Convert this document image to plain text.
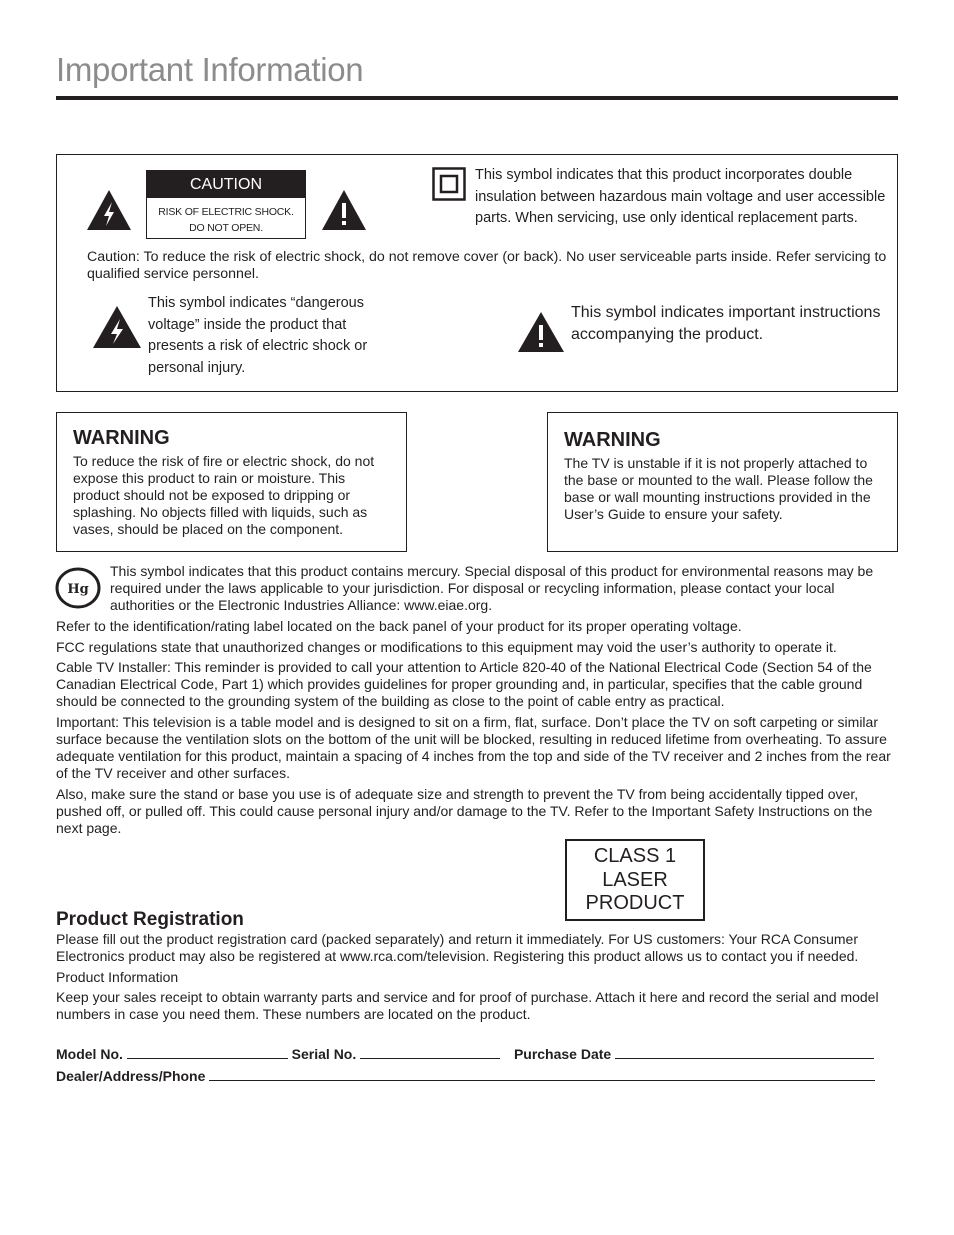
Important Information
CAUTION
RISK OF ELECTRIC SHOCK.
DO NOT OPEN.
This symbol indicates that this product incorporates double insulation between hazardous main voltage and user accessible parts. When servicing, use only identical replacement parts.
Caution: To reduce the risk of electric shock, do not remove cover (or back). No user serviceable parts inside. Refer servicing to qualified service personnel.
This symbol indicates “dangerous voltage” inside the product that presents a risk of electric shock or personal injury.
This symbol indicates important instructions accompanying the product.
WARNING
To reduce the risk of fire or electric shock, do not expose this product to rain or moisture. This product should not be exposed to dripping or splashing. No objects filled with liquids, such as vases, should be placed on the component.
WARNING
The TV is unstable if it is not properly attached to the base or mounted to the wall. Please follow the base or wall mounting instructions provided in the User’s Guide to ensure your safety.
Hg
This symbol indicates that this product contains mercury. Special disposal of this product for environmental reasons may be required under the laws applicable to your jurisdiction. For disposal or recycling information, please contact your local authorities or the Electronic Industries Alliance: www.eiae.org.
Refer to the identification/rating label located on the back panel of your product for its proper operating voltage.
FCC regulations state that unauthorized changes or modifications to this equipment may void the user’s authority to operate it.
Cable TV Installer: This reminder is provided to call your attention to Article 820-40 of the National Electrical Code (Section 54 of the Canadian Electrical Code, Part 1) which provides guidelines for proper grounding and, in particular, specifies that the cable ground should be connected to the grounding system of the building as close to the point of cable entry as practical.
Important: This television is a table model and is designed to sit on a firm, flat, surface. Don’t place the TV on soft carpeting or similar surface because the ventilation slots on the bottom of the unit will be blocked, resulting in reduced lifetime from overheating. To assure adequate ventilation for this product, maintain a spacing of 4 inches from the top and side of the TV receiver and 2 inches from the rear of the TV receiver and other surfaces.
Also, make sure the stand or base you use is of adequate size and strength to prevent the TV from being accidentally tipped over, pushed off, or pulled off. This could cause personal injury and/or damage to the TV. Refer to the Important Safety Instructions on the next page.
CLASS 1
LASER
PRODUCT
Product Registration
Please fill out the product registration card (packed separately) and return it immediately. For US customers: Your RCA Consumer Electronics product may also be registered at www.rca.com/television. Registering this product allows us to contact you if needed.
Product Information
Keep your sales receipt to obtain warranty parts and service and for proof of purchase. Attach it here and record the serial and model numbers in case you need them. These numbers are located on the product.
Model No.	Serial No.	Purchase Date
Dealer/Address/Phone
